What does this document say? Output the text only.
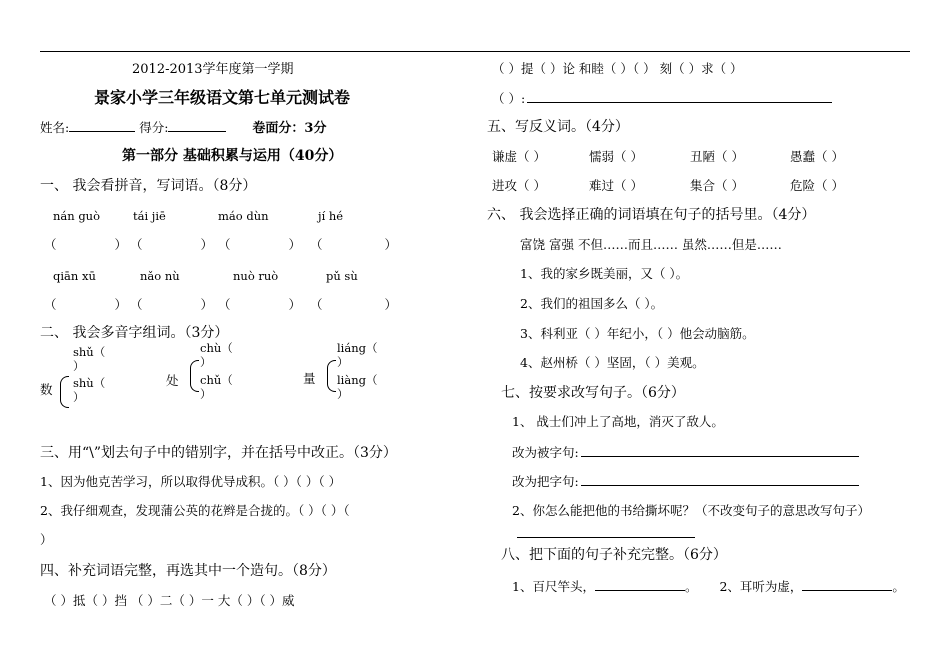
2012-2013学年度第一学期
景家小学三年级语文第七单元测试卷
姓名:	得分:	卷面分：3分
第一部分 基础积累与运用（40分）
一、 我会看拼音，写词语。（8分）
nán guò	tái jiē	máo dùn	jí hé
（	） （	） （	） （	）
qiān xū	nǎo nù	nuò ruò	pǔ sù
（	） （	） （	） （	）
二、 我会多音字组词。（3分）
shǔ（
）
shù（
）
数
chù（
）
chǔ（
）
处
liáng（
）
liàng（
）
量
三、用“\”划去句子中的错别字，并在括号中改正。（3分）
1、因为他克苦学习，所以取得优导成积。（ ）（ ）（ ）
2、我仔细观查，发现蒲公英的花辫是合拢的。（ ）（ ）（
）
四、补充词语完整，再选其中一个造句。（8分）
（ ）抵（ ）挡 （ ）二（ ）一 大（ ）（ ）威
（ ）提（ ）论 和睦（ ）（ ） 刻（ ）求（ ）
（ ）:
五、写反义词。（4分）
谦虚（ ）	懦弱（ ）	丑陋（ ）	愚蠢（ ）
进攻（ ）	难过（ ）	集合（ ）	危险（ ）
六、 我会选择正确的词语填在句子的括号里。（4分）
富饶 富强 不但……而且…… 虽然……但是……
1、我的家乡既美丽，又（ ）。
2、我们的祖国多么（ ）。
3、科利亚（ ）年纪小，（ ）他会动脑筋。
4、赵州桥（ ）坚固，（ ）美观。
七、按要求改写句子。（6分）
1、 战士们冲上了高地，消灭了敌人。
改为被字句:
改为把字句:
2、你怎么能把他的书给撕坏呢？（不改变句子的意思改写句子）
八、把下面的句子补充完整。（6分）
1、百尺竿头，	。 2、耳听为虚，	。
